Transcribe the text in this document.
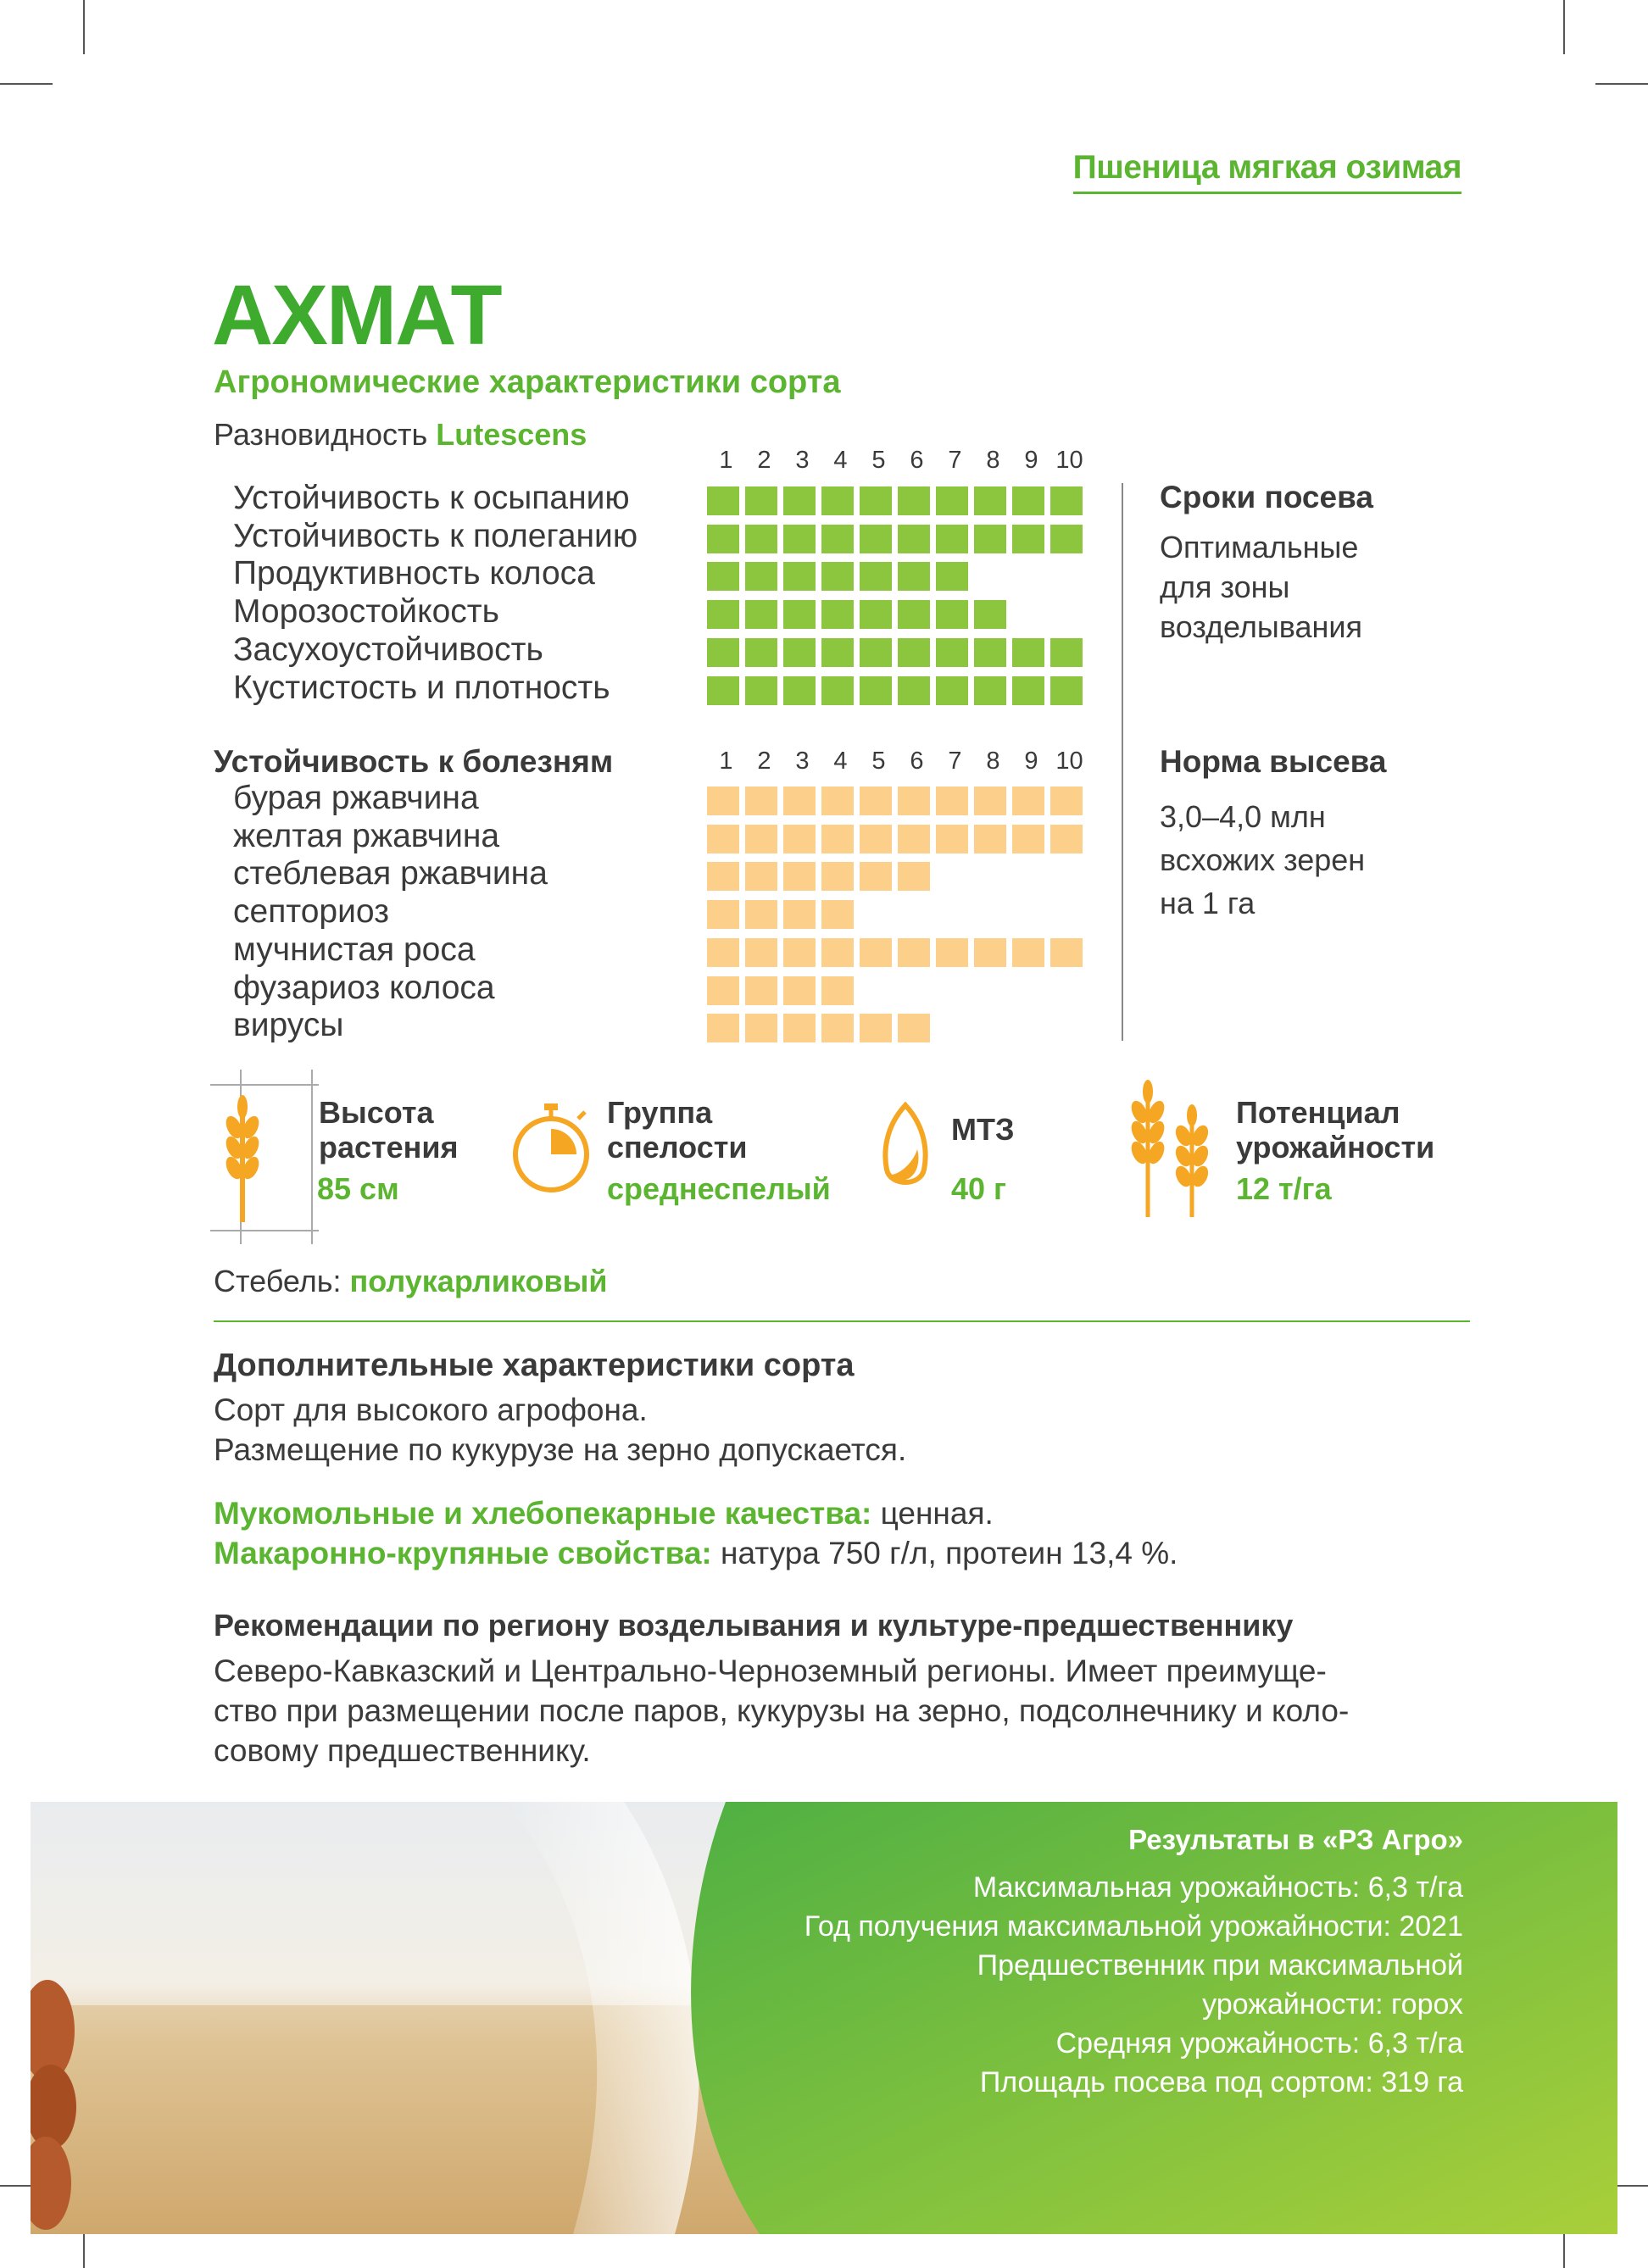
Пшеница мягкая озимая
АХМАТ
Агрономические характеристики сорта
Разновидность Lutescens
1 2 3 4 5 6 7 8 9 10
Устойчивость к осыпанию
Устойчивость к полеганию
Продуктивность колоса
Морозостойкость
Засухоустойчивость
Кустистость и плотность
Сроки посева
Оптимальные
для зоны
возделывания
Устойчивость к болезням	1 2 3 4 5 6 7 8 9 10
бурая ржавчина
желтая ржавчина
стеблевая ржавчина
септориоз
мучнистая роса
фузариоз колоса
вирусы
Норма высева
3,0–4,0 млн
всхожих зерен
на 1 га
Высота
растения
85 см
Группа
спелости
среднеспелый
МТЗ
40 г
Потенциал
урожайности
12 т/га
Стебель: полукарликовый
Дополнительные характеристики сорта
Сорт для высокого агрофона.
Размещение по кукурузе на зерно допускается.
Мукомольные и хлебопекарные качества: ценная.
Макаронно-крупяные свойства: натура 750 г/л, протеин 13,4 %.
Рекомендации по региону возделывания и культуре-предшественнику
Северо-Кавказский и Центрально-Черноземный регионы. Имеет преимуще-
ство при размещении после паров, кукурузы на зерно, подсолнечнику и коло-
совому предшественнику.
Результаты в «РЗ Агро»
Максимальная урожайность: 6,3 т/га
Год получения максимальной урожайности: 2021
Предшественник при максимальной
урожайности: горох
Средняя урожайность: 6,3 т/га
Площадь посева под сортом: 319 га
